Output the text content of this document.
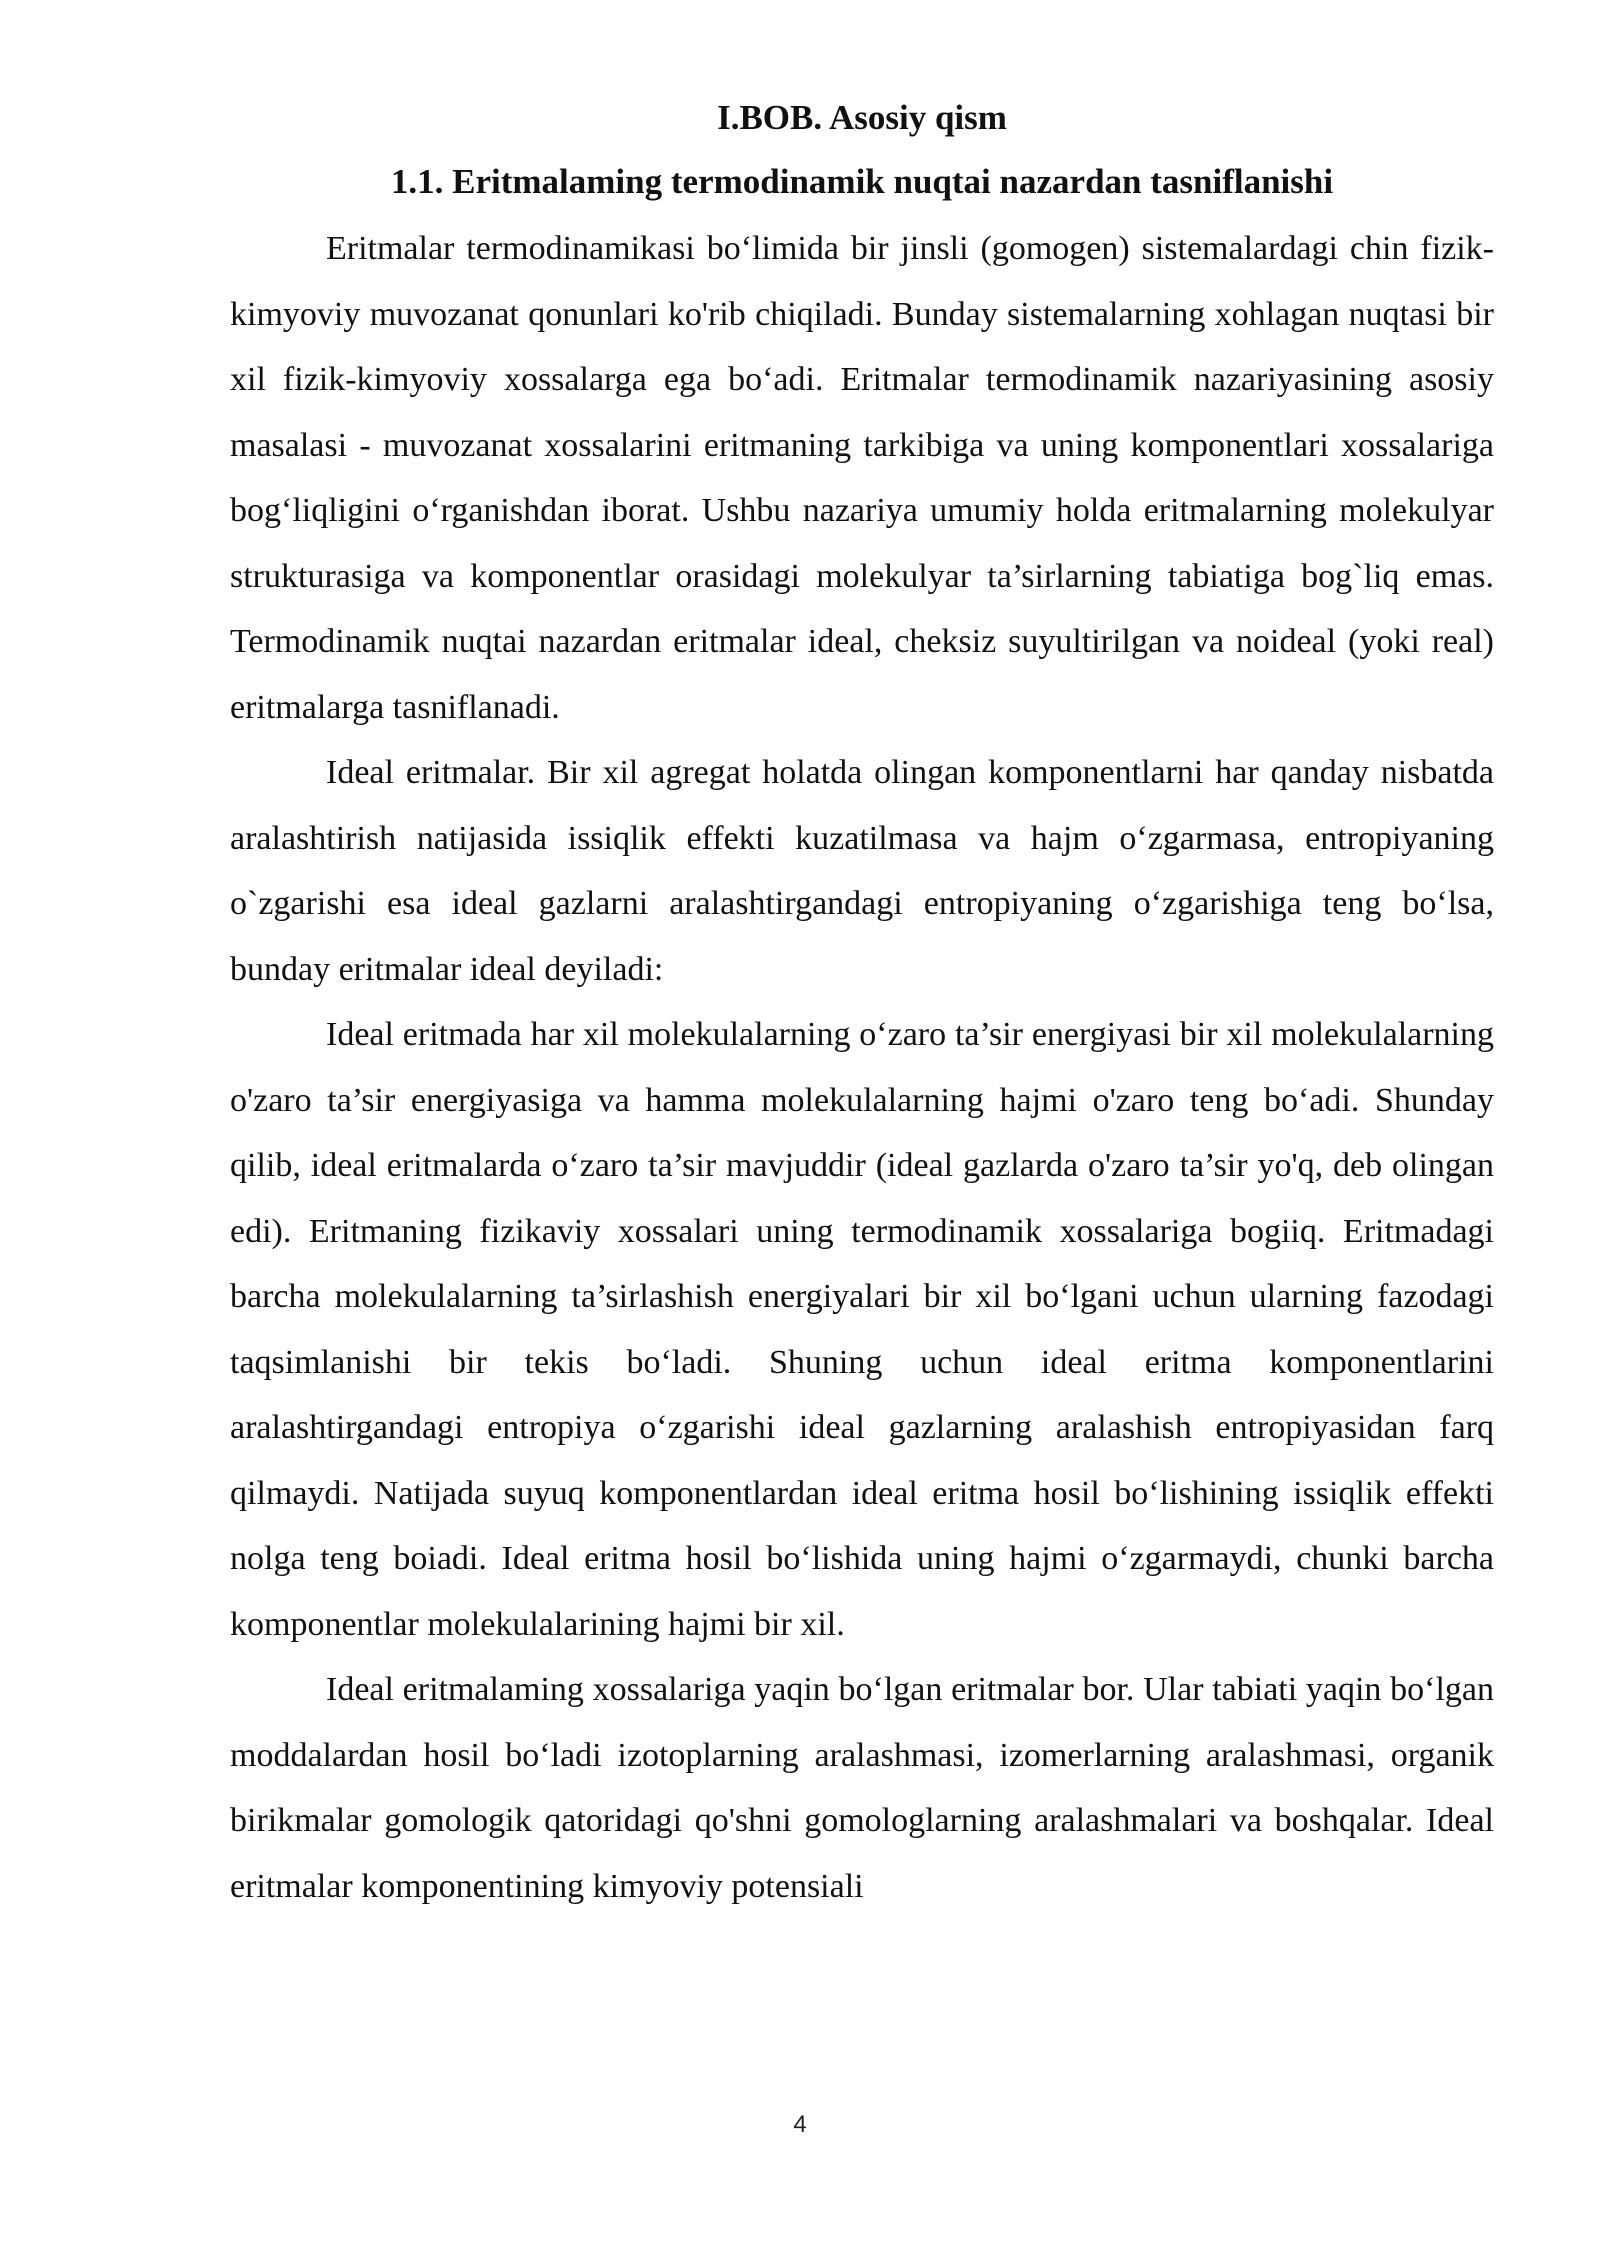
I.BOB. Asosiy qism
1.1. Eritmalaming termodinamik nuqtai nazardan tasniflanishi

Eritmalar termodinamikasi bo‘limida bir jinsli (gomogen) sistemalardagi chin fizik-kimyoviy muvozanat qonunlari ko'rib chiqiladi. Bunday sistemalarning xohlagan nuqtasi bir xil fizik-kimyoviy xossalarga ega bo‘adi. Eritmalar termodinamik nazariyasining asosiy masalasi - muvozanat xossalarini eritmaning tarkibiga va uning komponentlari xossalariga bog‘liqligini o‘rganishdan iborat. Ushbu nazariya umumiy holda eritmalarning molekulyar strukturasiga va komponentlar orasidagi molekulyar ta’sirlarning tabiatiga bog`liq emas. Termodinamik nuqtai nazardan eritmalar ideal, cheksiz suyultirilgan va noideal (yoki real) eritmalarga tasniflanadi.

Ideal eritmalar. Bir xil agregat holatda olingan komponentlarni har qanday nisbatda aralashtirish natijasida issiqlik effekti kuzatilmasa va hajm o‘zgarmasa, entropiyaning o`zgarishi esa ideal gazlarni aralashtirgandagi entropiyaning o‘zgarishiga teng bo‘lsa, bunday eritmalar ideal deyiladi:

Ideal eritmada har xil molekulalarning o‘zaro ta’sir energiyasi bir xil molekulalarning o'zaro ta’sir energiyasiga va hamma molekulalarning hajmi o'zaro teng bo‘adi. Shunday qilib, ideal eritmalarda o‘zaro ta’sir mavjuddir (ideal gazlarda o'zaro ta’sir yo'q, deb olingan edi). Eritmaning fizikaviy xossalari uning termodinamik xossalariga bogiiq. Eritmadagi barcha molekulalarning ta’sirlashish energiyalari bir xil bo‘lgani uchun ularning fazodagi taqsimlanishi bir tekis bo‘ladi. Shuning uchun ideal eritma komponentlarini aralashtirgandagi entropiya o‘zgarishi ideal gazlarning aralashish entropiyasidan farq qilmaydi. Natijada suyuq komponentlardan ideal eritma hosil bo‘lishining issiqlik effekti nolga teng boiadi. Ideal eritma hosil bo‘lishida uning hajmi o‘zgarmaydi, chunki barcha komponentlar molekulalarining hajmi bir xil.

Ideal eritmalaming xossalariga yaqin bo‘lgan eritmalar bor. Ular tabiati yaqin bo‘lgan moddalardan hosil bo‘ladi izotoplarning aralashmasi, izomerlarning aralashmasi, organik birikmalar gomologik qatoridagi qo'shni gomologlarning aralashmalari va boshqalar. Ideal eritmalar komponentining kimyoviy potensiali

4
